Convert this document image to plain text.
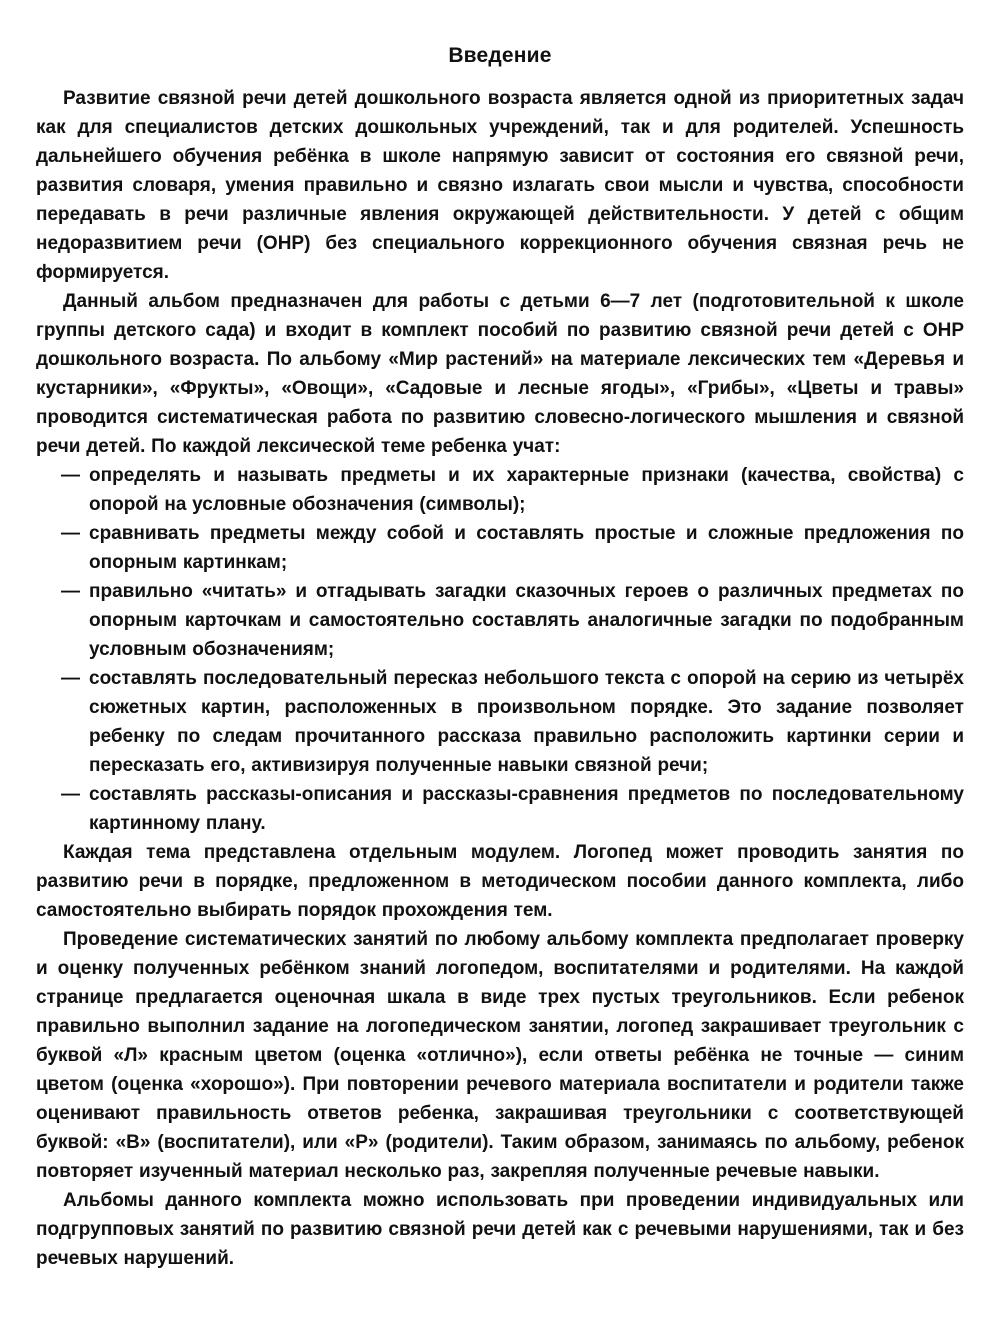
Введение

Развитие связной речи детей дошкольного возраста является одной из приоритетных задач как для специалистов детских дошкольных учреждений, так и для родителей. Успешность дальнейшего обучения ребёнка в школе напрямую зависит от состояния его связной речи, развития словаря, умения правильно и связно излагать свои мысли и чувства, способности передавать в речи различные явления окружающей действительности. У детей с общим недоразвитием речи (ОНР) без специального коррекционного обучения связная речь не формируется.

Данный альбом предназначен для работы с детьми 6—7 лет (подготовительной к школе группы детского сада) и входит в комплект пособий по развитию связной речи детей с ОНР дошкольного возраста. По альбому «Мир растений» на материале лексических тем «Деревья и кустарники», «Фрукты», «Овощи», «Садовые и лесные ягоды», «Грибы», «Цветы и травы» проводится систематическая работа по развитию словесно-логического мышления и связной речи детей. По каждой лексической теме ребенка учат:

— определять и называть предметы и их характерные признаки (качества, свойства) с опорой на условные обозначения (символы);
— сравнивать предметы между собой и составлять простые и сложные предложения по опорным картинкам;
— правильно «читать» и отгадывать загадки сказочных героев о различных предметах по опорным карточкам и самостоятельно составлять аналогичные загадки по подобранным условным обозначениям;
— составлять последовательный пересказ небольшого текста с опорой на серию из четырёх сюжетных картин, расположенных в произвольном порядке. Это задание позволяет ребенку по следам прочитанного рассказа правильно расположить картинки серии и пересказать его, активизируя полученные навыки связной речи;
— составлять рассказы-описания и рассказы-сравнения предметов по последовательному картинному плану.

Каждая тема представлена отдельным модулем. Логопед может проводить занятия по развитию речи в порядке, предложенном в методическом пособии данного комплекта, либо самостоятельно выбирать порядок прохождения тем.

Проведение систематических занятий по любому альбому комплекта предполагает проверку и оценку полученных ребёнком знаний логопедом, воспитателями и родителями. На каждой странице предлагается оценочная шкала в виде трех пустых треугольников. Если ребенок правильно выполнил задание на логопедическом занятии, логопед закрашивает треугольник с буквой «Л» красным цветом (оценка «отлично»), если ответы ребёнка не точные — синим цветом (оценка «хорошо»). При повторении речевого материала воспитатели и родители также оценивают правильность ответов ребенка, закрашивая треугольники с соответствующей буквой: «В» (воспитатели), или «Р» (родители). Таким образом, занимаясь по альбому, ребенок повторяет изученный материал несколько раз, закрепляя полученные речевые навыки.

Альбомы данного комплекта можно использовать при проведении индивидуальных или подгрупповых занятий по развитию связной речи детей как с речевыми нарушениями, так и без речевых нарушений.
